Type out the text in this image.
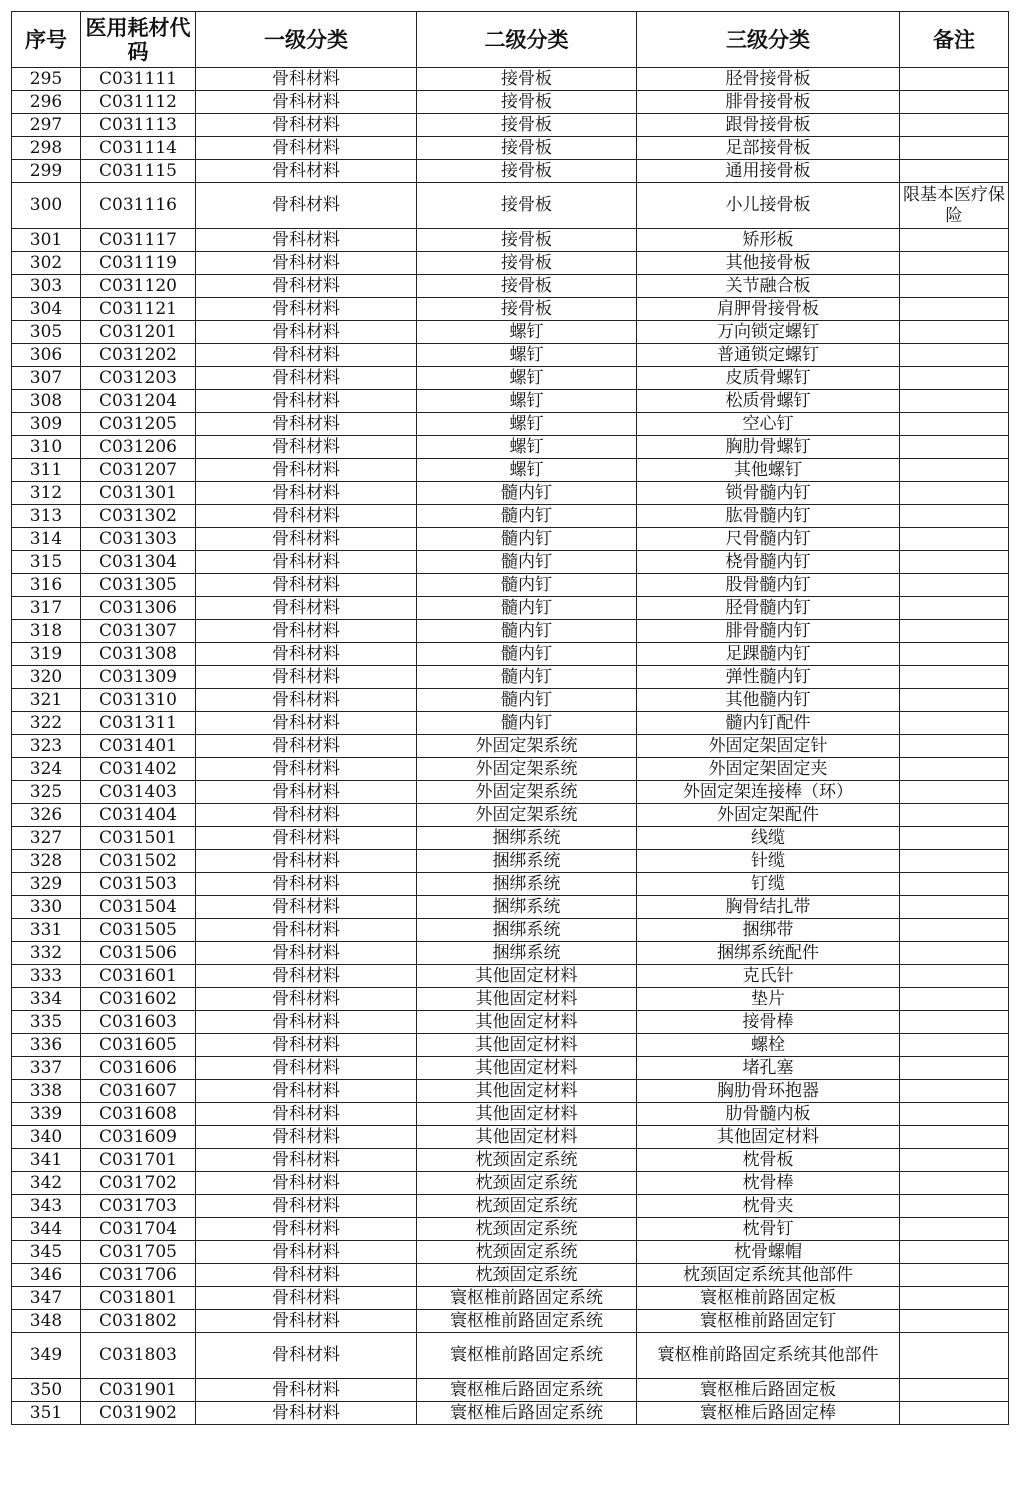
序号	医用耗材代码	一级分类	二级分类	三级分类	备注
295	C031111	骨科材料	接骨板	胫骨接骨板	
296	C031112	骨科材料	接骨板	腓骨接骨板	
297	C031113	骨科材料	接骨板	跟骨接骨板	
298	C031114	骨科材料	接骨板	足部接骨板	
299	C031115	骨科材料	接骨板	通用接骨板	
300	C031116	骨科材料	接骨板	小儿接骨板	限基本医疗保险
301	C031117	骨科材料	接骨板	矫形板	
302	C031119	骨科材料	接骨板	其他接骨板	
303	C031120	骨科材料	接骨板	关节融合板	
304	C031121	骨科材料	接骨板	肩胛骨接骨板	
305	C031201	骨科材料	螺钉	万向锁定螺钉	
306	C031202	骨科材料	螺钉	普通锁定螺钉	
307	C031203	骨科材料	螺钉	皮质骨螺钉	
308	C031204	骨科材料	螺钉	松质骨螺钉	
309	C031205	骨科材料	螺钉	空心钉	
310	C031206	骨科材料	螺钉	胸肋骨螺钉	
311	C031207	骨科材料	螺钉	其他螺钉	
312	C031301	骨科材料	髓内钉	锁骨髓内钉	
313	C031302	骨科材料	髓内钉	肱骨髓内钉	
314	C031303	骨科材料	髓内钉	尺骨髓内钉	
315	C031304	骨科材料	髓内钉	桡骨髓内钉	
316	C031305	骨科材料	髓内钉	股骨髓内钉	
317	C031306	骨科材料	髓内钉	胫骨髓内钉	
318	C031307	骨科材料	髓内钉	腓骨髓内钉	
319	C031308	骨科材料	髓内钉	足踝髓内钉	
320	C031309	骨科材料	髓内钉	弹性髓内钉	
321	C031310	骨科材料	髓内钉	其他髓内钉	
322	C031311	骨科材料	髓内钉	髓内钉配件	
323	C031401	骨科材料	外固定架系统	外固定架固定针	
324	C031402	骨科材料	外固定架系统	外固定架固定夹	
325	C031403	骨科材料	外固定架系统	外固定架连接棒（环）	
326	C031404	骨科材料	外固定架系统	外固定架配件	
327	C031501	骨科材料	捆绑系统	线缆	
328	C031502	骨科材料	捆绑系统	针缆	
329	C031503	骨科材料	捆绑系统	钉缆	
330	C031504	骨科材料	捆绑系统	胸骨结扎带	
331	C031505	骨科材料	捆绑系统	捆绑带	
332	C031506	骨科材料	捆绑系统	捆绑系统配件	
333	C031601	骨科材料	其他固定材料	克氏针	
334	C031602	骨科材料	其他固定材料	垫片	
335	C031603	骨科材料	其他固定材料	接骨棒	
336	C031605	骨科材料	其他固定材料	螺栓	
337	C031606	骨科材料	其他固定材料	堵孔塞	
338	C031607	骨科材料	其他固定材料	胸肋骨环抱器	
339	C031608	骨科材料	其他固定材料	肋骨髓内板	
340	C031609	骨科材料	其他固定材料	其他固定材料	
341	C031701	骨科材料	枕颈固定系统	枕骨板	
342	C031702	骨科材料	枕颈固定系统	枕骨棒	
343	C031703	骨科材料	枕颈固定系统	枕骨夹	
344	C031704	骨科材料	枕颈固定系统	枕骨钉	
345	C031705	骨科材料	枕颈固定系统	枕骨螺帽	
346	C031706	骨科材料	枕颈固定系统	枕颈固定系统其他部件	
347	C031801	骨科材料	寰枢椎前路固定系统	寰枢椎前路固定板	
348	C031802	骨科材料	寰枢椎前路固定系统	寰枢椎前路固定钉	
349	C031803	骨科材料	寰枢椎前路固定系统	寰枢椎前路固定系统其他部件	
350	C031901	骨科材料	寰枢椎后路固定系统	寰枢椎后路固定板	
351	C031902	骨科材料	寰枢椎后路固定系统	寰枢椎后路固定棒	
